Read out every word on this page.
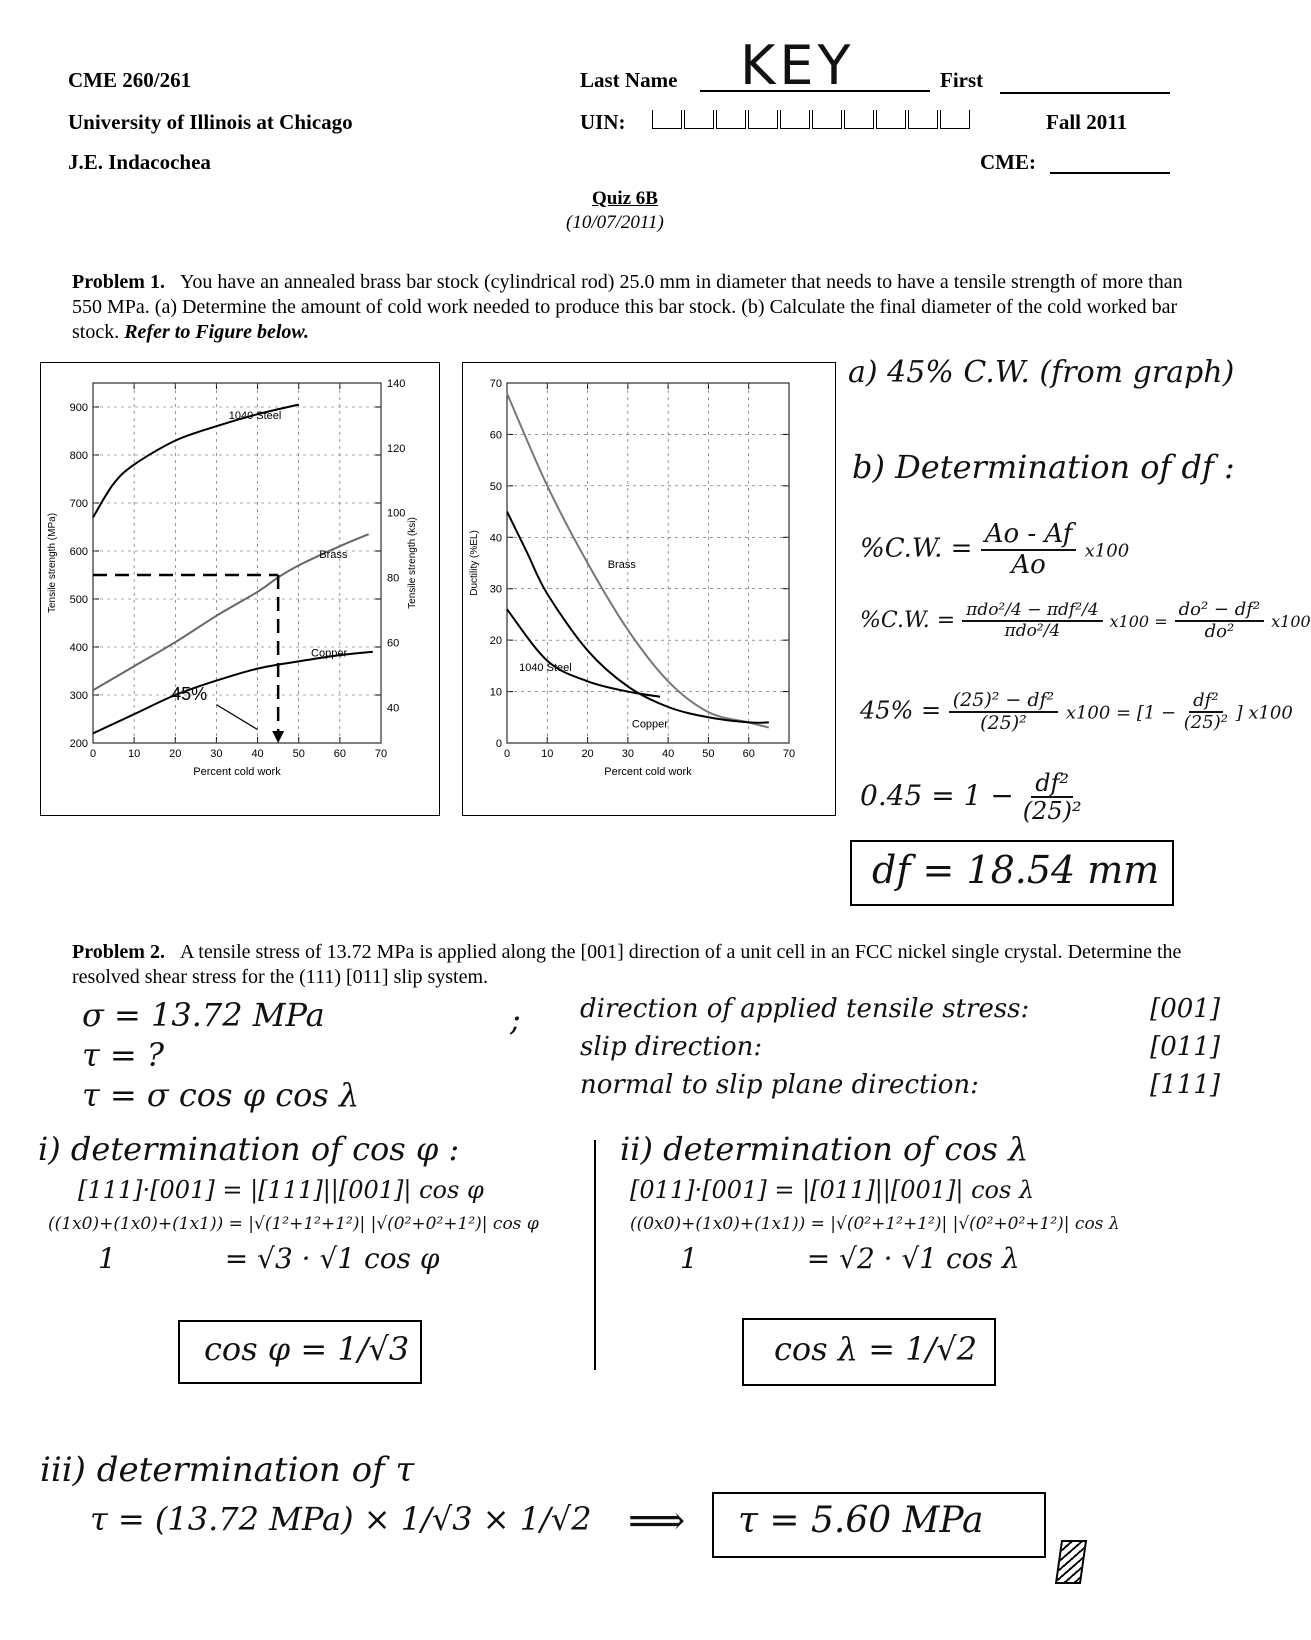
CME 260/261
University of Illinois at Chicago
J.E. Indacochea
Last Name KEY	First
UIN:	Fall 2011
CME:
Quiz 6B
(10/07/2011)
Problem 1. You have an annealed brass bar stock (cylindrical rod) 25.0 mm in diameter that needs to have a tensile strength of more than 550 MPa. (a) Determine the amount of cold work needed to produce this bar stock. (b) Calculate the final diameter of the cold worked bar stock. Refer to Figure below.
0	10	20	30	40	50	60	70
200
300
400
500
600
700
800
900
40
60
80
100
120
140
Tensile strength (ksi)
Percent cold work
Tensile strength (MPa)
1040 Steel
Brass
Copper
45%
0	10	20	30	40	50	60	70
0
10
20
30
40
50
60
70
Percent cold work
Ductility (%EL)	Brass
1040 Steel
Copper
a) 45% C.W. (from graph)
b) Determination of df :
%C.W. = $\frac{Ao - Af}{Ao} x100$
%C.W. = $\frac{\text{πdo²/4 − πdf²/4}}{\text{πdo²/4}} x100 = \frac{\text{do² − df²}}{\text{do²}} x100$
$45\% = \frac{\text{(25)² − df²}}{\text{(25)²}} x100 = [1 - \frac{\text{df²}}{\text{(25)²}}$ ] x100
$0.45 = 1 - \frac{\text{df²}}{\text{(25)²}}$
df = 18.54 mm
Problem 2. A tensile stress of 13.72 MPa is applied along the [001] direction of a unit cell in an FCC nickel single crystal. Determine the resolved shear stress for the (111) [011] slip system.
σ = 13.72 MPa
τ = ?
τ = σ cos φ cos λ
; direction of applied tensile stress:	[001]
slip direction:	[011]
normal to slip plane direction:	[111]
i) determination of cos φ :
[111]·[001] = |[111]||[001]| cos φ
((1x0)+(1x0)+(1x1)) = |√(1²+1²+1²)| |√(0²+0²+1²)| cos φ
1	= √3 · √1 cos φ
cos φ = 1/√3
ii) determination of cos λ
[011]·[001] = |[011]||[001]| cos λ
((0x0)+(1x0)+(1x1)) = |√(0²+1²+1²)| |√(0²+0²+1²)| cos λ
1	= √2 · √1 cos λ
cos λ = 1/√2
iii) determination of τ
τ = (13.72 MPa) × 1/√3 × 1/√2 ⟹	τ = 5.60 MPa
